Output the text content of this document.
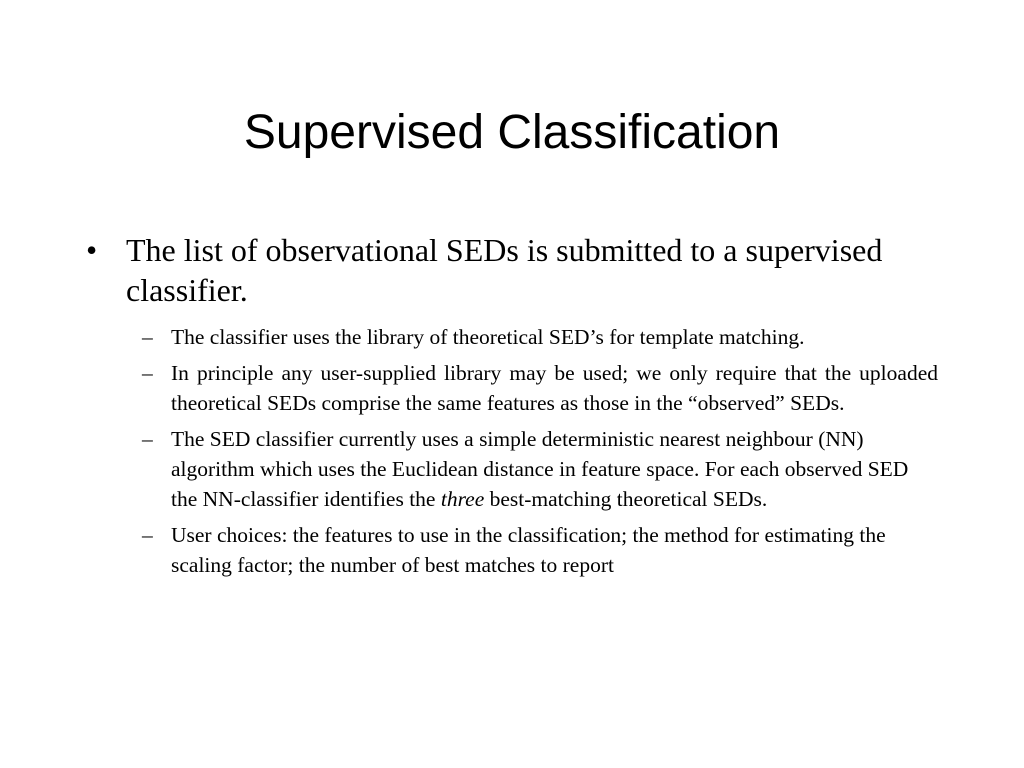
Supervised Classification
• The list of observational SEDs is submitted to a supervised classifier.
– The classifier uses the library of theoretical SED’s for template matching.
– In principle any user-supplied library may be used; we only require that the uploaded theoretical SEDs comprise the same features as those in the “observed” SEDs.
– The SED classifier currently uses a simple deterministic nearest neighbour (NN) algorithm which uses the Euclidean distance in feature space. For each observed SED the NN-classifier identifies the three best-matching theoretical SEDs.
– User choices: the features to use in the classification; the method for estimating the scaling factor; the number of best matches to report
